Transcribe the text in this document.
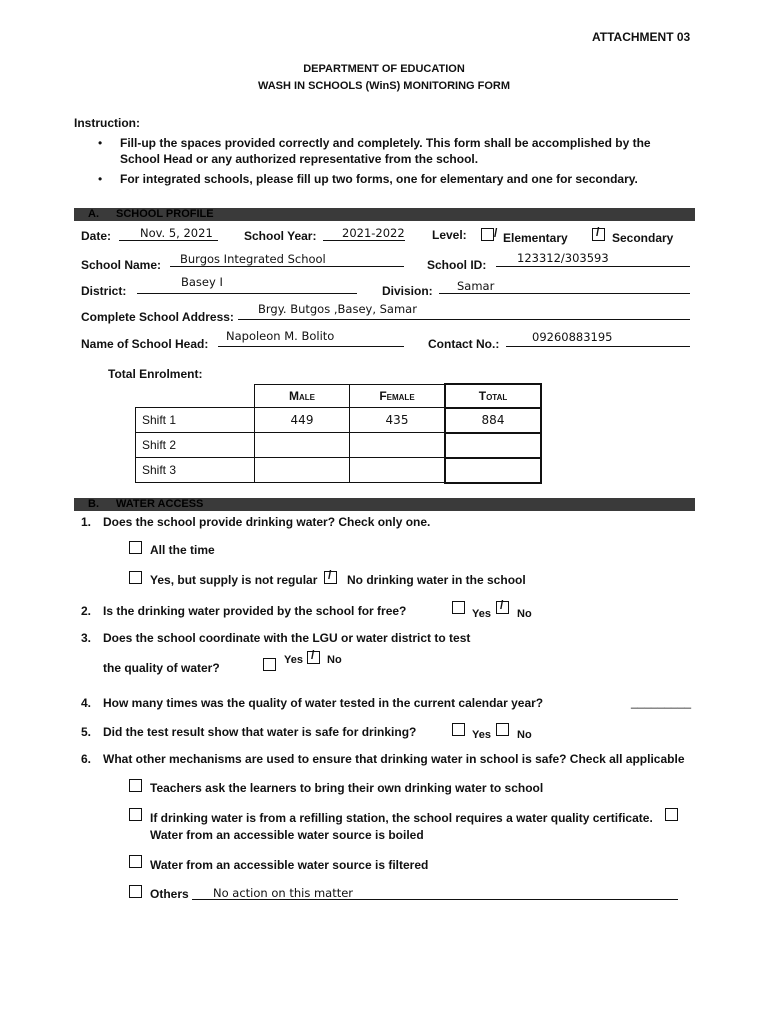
ATTACHMENT 03
DEPARTMENT OF EDUCATION
WASH IN SCHOOLS (WinS) MONITORING FORM
Instruction:
• Fill-up the spaces provided correctly and completely. This form shall be accomplished by the
School Head or any authorized representative from the school.
• For integrated schools, please fill up two forms, one for elementary and one for secondary.
A. SCHOOL PROFILE
Date:	Nov. 5, 2021	School Year: 2021-2022 Level: / Elementary / Secondary
School Name: Burgos Integrated School	School ID:	123312/303593
District:
Basey I
Division: Samar
Complete School Address:
Brgy. Butgos ,Basey, Samar
Name of School Head:
Napoleon M. Bolito
Contact No.:	09260883195
Total Enrolment:
	Male	Female	Total
Shift 1	449	435	884
Shift 2			
Shift 3			
B. WATER ACCESS
1. Does the school provide drinking water? Check only one.
All the time
Yes, but supply is not regular / No drinking water in the school
2. Is the drinking water provided by the school for free?	Yes
/
No
3. Does the school coordinate with the LGU or water district to test
the quality of water?
Yes / No
4. How many times was the quality of water tested in the current calendar year?	_________
5. Did the test result show that water is safe for drinking?	Yes No
6. What other mechanisms are used to ensure that drinking water in school is safe? Check all applicable
Teachers ask the learners to bring their own drinking water to school
If drinking water is from a refilling station, the school requires a water quality certificate.
Water from an accessible water source is boiled
Water from an accessible water source is filtered
Others No action on this matter
